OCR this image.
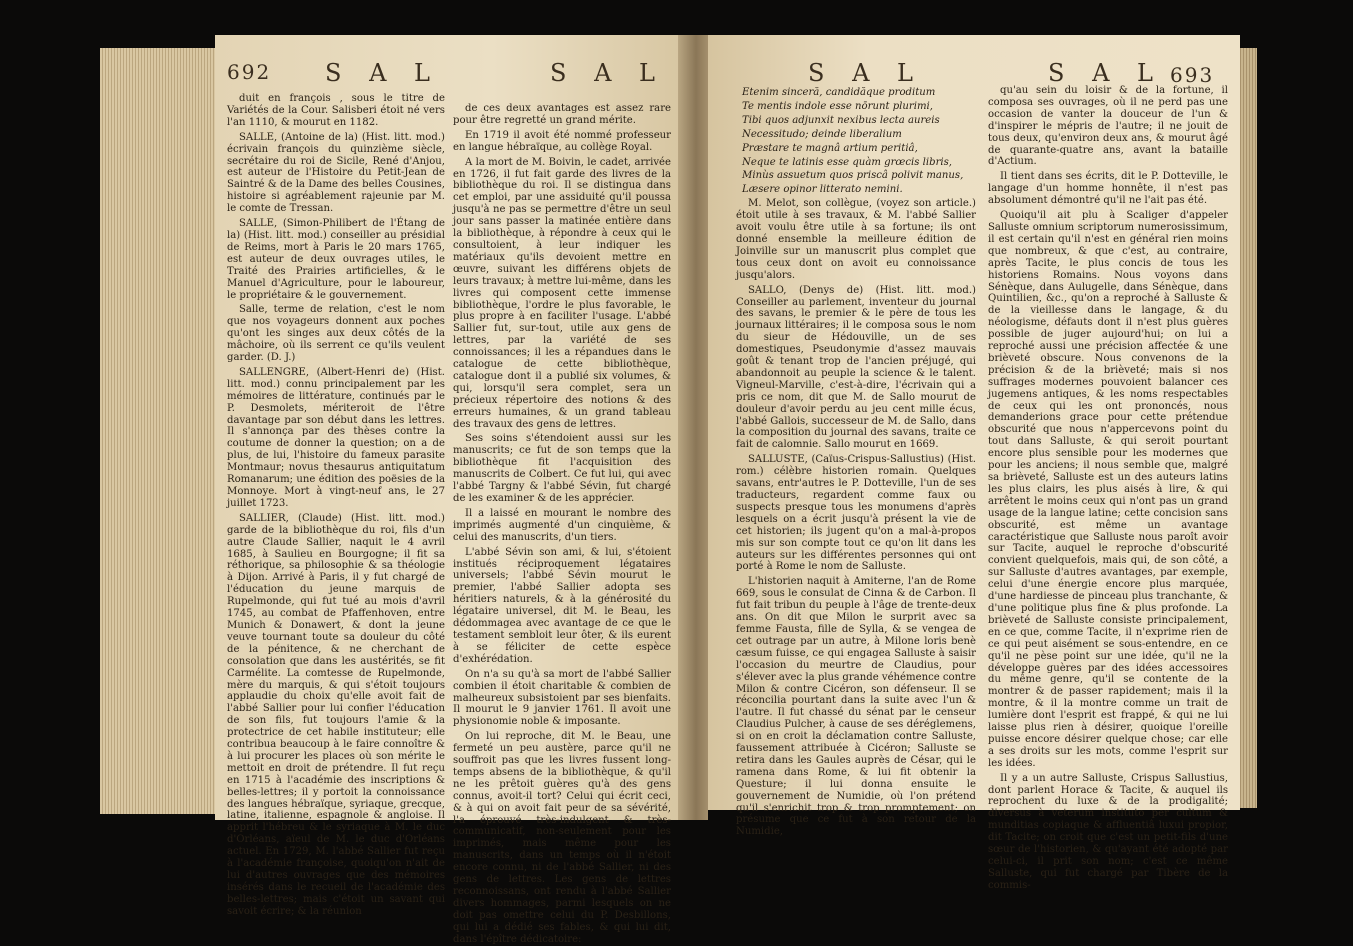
692 S A L	S A L

duit en françois , sous le titre de Variétés de la Cour. Salisberi étoit né vers l'an 1110, & mourut en 1182.

SALLE, (Antoine de la) (Hist. litt. mod.) écrivain françois du quinzième siècle, secrétaire du roi de Sicile, René d'Anjou, est auteur de l'Histoire du Petit-Jean de Saintré & de la Dame des belles Cousines, histoire si agréablement rajeunie par M. le comte de Tressan.

SALLE, (Simon-Philibert de l'Étang de la) (Hist. litt. mod.) conseiller au présidial de Reims, mort à Paris le 20 mars 1765, est auteur de deux ouvrages utiles, le Traité des Prairies artificielles, & le Manuel d'Agriculture, pour le laboureur, le propriétaire & le gouvernement.

Salle, terme de relation, c'est le nom que nos voyageurs donnent aux poches qu'ont les singes aux deux côtés de la mâchoire, où ils serrent ce qu'ils veulent garder. (D. J.)

SALLENGRE, (Albert-Henri de) (Hist. litt. mod.) connu principalement par les mémoires de littérature, continués par le P. Desmolets, mériteroit de l'être davantage par son début dans les lettres. Il s'annonça par des thèses contre la coutume de donner la question; on a de plus, de lui, l'histoire du fameux parasite Montmaur; novus thesaurus antiquitatum Romanarum; une édition des poësies de la Monnoye. Mort à vingt-neuf ans, le 27 juillet 1723.

SALLIER, (Claude) (Hist. litt. mod.) garde de la bibliothèque du roi, fils d'un autre Claude Sallier, naquit le 4 avril 1685, à Saulieu en Bourgogne; il fit sa réthorique, sa philosophie & sa théologie à Dijon. Arrivé à Paris, il y fut chargé de l'éducation du jeune marquis de Rupelmonde, qui fut tué au mois d'avril 1745, au combat de Pfaffenhoven, entre Munich & Donawert, & dont la jeune veuve tournant toute sa douleur du côté de la pénitence, & ne cherchant de consolation que dans les austérités, se fit Carmélite. La comtesse de Rupelmonde, mère du marquis, & qui s'étoit toujours applaudie du choix qu'elle avoit fait de l'abbé Sallier pour lui confier l'éducation de son fils, fut toujours l'amie & la protectrice de cet habile instituteur; elle contribua beaucoup à le faire connoître & à lui procurer les places où son mérite le mettoit en droit de prétendre. Il fut reçu en 1715 à l'académie des inscriptions & belles-lettres; il y portoit la connoissance des langues hébraïque, syriaque, grecque, latine, italienne, espagnole & angloise. Il apprit l'hébreu & le syriaque à M. le duc d'Orléans, aïeul de M. le duc d'Orléans actuel. En 1729, M. l'abbé Sallier fut reçu à l'académie françoise, quoiqu'on n'ait de lui d'autres ouvrages que des mémoires insérés dans le recueil de l'académie des belles-lettres; mais c'étoit un savant qui savoit écrire; & la réunion

de ces deux avantages est assez rare pour être regretté un grand mérite.

En 1719 il avoit été nommé professeur en langue hébraïque, au collège Royal.

A la mort de M. Boivin, le cadet, arrivée en 1726, il fut fait garde des livres de la bibliothèque du roi. Il se distingua dans cet emploi, par une assiduité qu'il poussa jusqu'à ne pas se permettre d'être un seul jour sans passer la matinée entière dans la bibliothèque, à répondre à ceux qui le consultoient, à leur indiquer les matériaux qu'ils devoient mettre en œuvre, suivant les différens objets de leurs travaux; à mettre lui-même, dans les livres qui composent cette immense bibliothèque, l'ordre le plus favorable, le plus propre à en faciliter l'usage. L'abbé Sallier fut, sur-tout, utile aux gens de lettres, par la variété de ses connoissances; il les a répandues dans le catalogue de cette bibliothèque, catalogue dont il a publié six volumes, & qui, lorsqu'il sera complet, sera un précieux répertoire des notions & des erreurs humaines, & un grand tableau des travaux des gens de lettres.

Ses soins s'étendoient aussi sur les manuscrits; ce fut de son temps que la bibliothèque fit l'acquisition des manuscrits de Colbert. Ce fut lui, qui avec l'abbé Targny & l'abbé Sévin, fut chargé de les examiner & de les apprécier.

Il a laissé en mourant le nombre des imprimés augmenté d'un cinquième, & celui des manuscrits, d'un tiers.

L'abbé Sévin son ami, & lui, s'étoient institués réciproquement légataires universels; l'abbé Sévin mourut le premier, l'abbé Sallier adopta ses héritiers naturels, & à la générosité du légataire universel, dit M. le Beau, les dédommagea avec avantage de ce que le testament sembloit leur ôter, & ils eurent à se féliciter de cette espèce d'exhérédation.

On n'a su qu'à sa mort de l'abbé Sallier combien il étoit charitable & combien de malheureux subsistoient par ses bienfaits. Il mourut le 9 janvier 1761. Il avoit une physionomie noble & imposante.

On lui reproche, dit M. le Beau, une fermeté un peu austère, parce qu'il ne souffroit pas que les livres fussent long-temps absens de la bibliothèque, & qu'il ne les prêtoit guères qu'à des gens connus, avoit-il tort? Celui qui écrit ceci, & à qui on avoit fait peur de sa sévérité, l'a éprouvé très-indulgent & très-communicatif, non-seulement pour les imprimés, mais même pour les manuscrits, dans un temps où il n'étoit encore connu, ni de l'abbé Sallier, ni des gens de lettres. Les gens de lettres reconnoissans, ont rendu à l'abbé Sallier divers hommages, parmi lesquels on ne doit pas omettre celui du P. Desbillons, qui lui a dédié ses fables, & qui lui dit, dans l'épître dédicatoire:

S A L	S A L 693
Etenim sinceră, candidăque proditum
Te mentis indole esse nōrunt plurimi,
Tibi quos adjunxit nexibus lecta aureis
Necessitudo; deinde liberalium
Præstare te magnâ artium peritiâ,
Neque te latinis esse quàm grœcis libris,
Minùs assuetum quos priscâ polivit manus,
Læsere opinor litterato nemini.

M. Melot, son collègue, (voyez son article.) étoit utile à ses travaux, & M. l'abbé Sallier avoit voulu être utile à sa fortune; ils ont donné ensemble la meilleure édition de Joinville sur un manuscrit plus complet que tous ceux dont on avoit eu connoissance jusqu'alors.

SALLO, (Denys de) (Hist. litt. mod.) Conseiller au parlement, inventeur du journal des savans, le premier & le père de tous les journaux littéraires; il le composa sous le nom du sieur de Hédouville, un de ses domestiques, Pseudonymie d'assez mauvais goût & tenant trop de l'ancien préjugé, qui abandonnoit au peuple la science & le talent. Vigneul-Marville, c'est-à-dire, l'écrivain qui a pris ce nom, dit que M. de Sallo mourut de douleur d'avoir perdu au jeu cent mille écus, l'abbé Gallois, successeur de M. de Sallo, dans la composition du journal des savans, traite ce fait de calomnie. Sallo mourut en 1669.

SALLUSTE, (Caïus-Crispus-Sallustius) (Hist. rom.) célèbre historien romain. Quelques savans, entr'autres le P. Dotteville, l'un de ses traducteurs, regardent comme faux ou suspects presque tous les monumens d'après lesquels on a écrit jusqu'à présent la vie de cet historien; ils jugent qu'on a mal-à-propos mis sur son compte tout ce qu'on lit dans les auteurs sur les différentes personnes qui ont porté à Rome le nom de Salluste.

L'historien naquit à Amiterne, l'an de Rome 669, sous le consulat de Cinna & de Carbon. Il fut fait tribun du peuple à l'âge de trente-deux ans. On dit que Milon le surprit avec sa femme Fausta, fille de Sylla, & se vengea de cet outrage par un autre, à Milone loris benè cæsum fuisse, ce qui engagea Salluste à saisir l'occasion du meurtre de Claudius, pour s'élever avec la plus grande véhémence contre Milon & contre Cicéron, son défenseur. Il se réconcilia pourtant dans la suite avec l'un & l'autre. Il fut chassé du sénat par le censeur Claudius Pulcher, à cause de ses déréglemens, si on en croit la déclamation contre Salluste, faussement attribuée à Cicéron; Salluste se retira dans les Gaules auprès de César, qui le ramena dans Rome, & lui fit obtenir la Questure; il lui donna ensuite le gouvernement de Numidie, où l'on prétend qu'il s'enrichit trop & trop promptement; on présume que ce fut à son retour de la Numidie,

qu'au sein du loisir & de la fortune, il composa ses ouvrages, où il ne perd pas une occasion de vanter la douceur de l'un & d'inspirer le mépris de l'autre; il ne jouit de tous deux, qu'environ deux ans, & mourut âgé de quarante-quatre ans, avant la bataille d'Actium.

Il tient dans ses écrits, dit le P. Dotteville, le langage d'un homme honnête, il n'est pas absolument démontré qu'il ne l'ait pas été.

Quoiqu'il ait plu à Scaliger d'appeler Salluste omnium scriptorum numerosissimum, il est certain qu'il n'est en général rien moins que nombreux, & que c'est, au contraire, après Tacite, le plus concis de tous les historiens Romains. Nous voyons dans Sénèque, dans Aulugelle, dans Sénèque, dans Quintilien, &c., qu'on a reproché à Salluste & de la vieillesse dans le langage, & du néologisme, défauts dont il n'est plus guères possible de juger aujourd'hui; on lui a reproché aussi une précision affectée & une brièveté obscure. Nous convenons de la précision & de la brièveté; mais si nos suffrages modernes pouvoient balancer ces jugemens antiques, & les noms respectables de ceux qui les ont prononcés, nous demanderions grace pour cette prétendue obscurité que nous n'appercevons point du tout dans Salluste, & qui seroit pourtant encore plus sensible pour les modernes que pour les anciens; il nous semble que, malgré sa brièveté, Salluste est un des auteurs latins les plus clairs, les plus aisés à lire, & qui arrêtent le moins ceux qui n'ont pas un grand usage de la langue latine; cette concision sans obscurité, est même un avantage caractéristique que Salluste nous paroît avoir sur Tacite, auquel le reproche d'obscurité convient quelquefois, mais qui, de son côté, a sur Salluste d'autres avantages, par exemple, celui d'une énergie encore plus marquée, d'une hardiesse de pinceau plus tranchante, & d'une politique plus fine & plus profonde. La brièveté de Salluste consiste principalement, en ce que, comme Tacite, il n'exprime rien de ce qui peut aisément se sous-entendre, en ce qu'il ne pèse point sur une idée, qu'il ne la développe guères par des idées accessoires du même genre, qu'il se contente de la montrer & de passer rapidement; mais il la montre, & il la montre comme un trait de lumière dont l'esprit est frappé, & qui ne lui laisse plus rien à désirer, quoique l'oreille puisse encore désirer quelque chose; car elle a ses droits sur les mots, comme l'esprit sur les idées.

Il y a un autre Salluste, Crispus Sallustius, dont parlent Horace & Tacite, & auquel ils reprochent du luxe & de la prodigalité; diversus à veterum instituto per cultum & munditias copiaque & affluentiâ luxui propior, dit Tacite; on croit que c'est un petit-fils d'une sœur de l'historien, & qu'ayant été adopté par celui-ci, il prit son nom; c'est ce même Salluste, qui fut chargé par Tibère de la commis-
